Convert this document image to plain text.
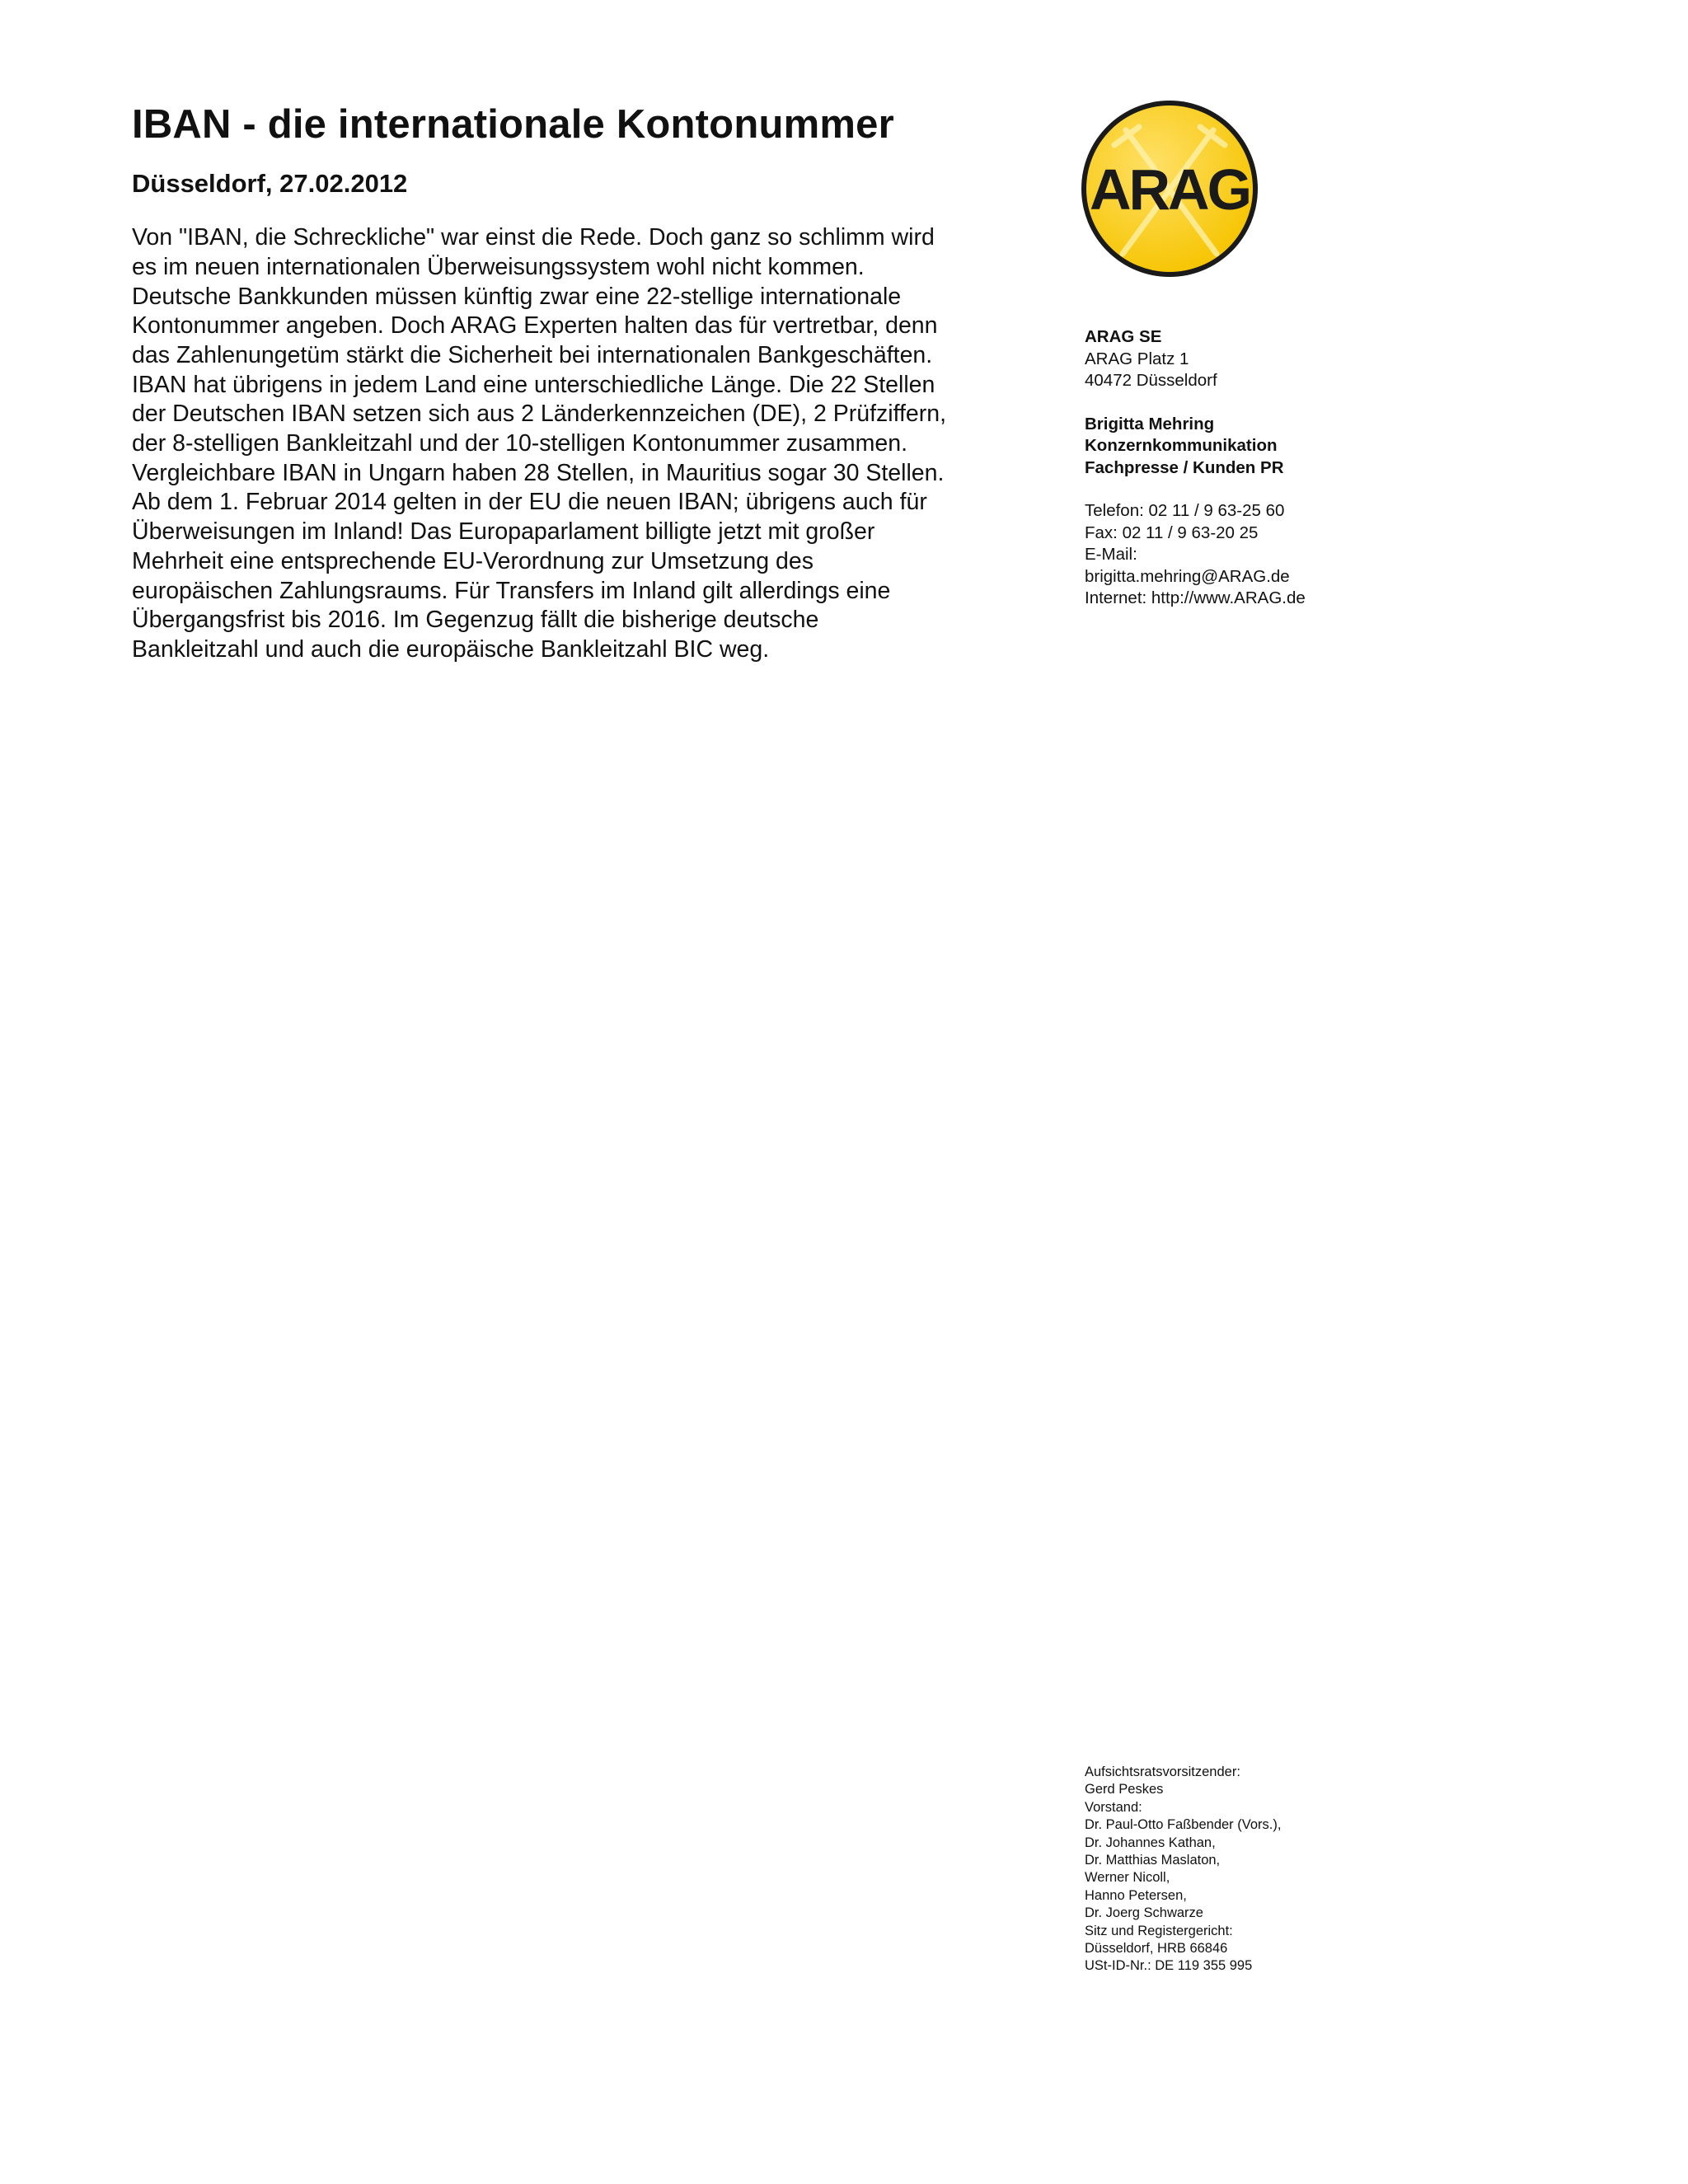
IBAN - die internationale Kontonummer
Düsseldorf, 27.02.2012
Von "IBAN, die Schreckliche" war einst die Rede. Doch ganz so schlimm wird
es im neuen internationalen Überweisungssystem wohl nicht kommen.
Deutsche Bankkunden müssen künftig zwar eine 22-stellige internationale
Kontonummer angeben. Doch ARAG Experten halten das für vertretbar, denn
das Zahlenungetüm stärkt die Sicherheit bei internationalen Bankgeschäften.
IBAN hat übrigens in jedem Land eine unterschiedliche Länge. Die 22 Stellen
der Deutschen IBAN setzen sich aus 2 Länderkennzeichen (DE), 2 Prüfziffern,
der 8-stelligen Bankleitzahl und der 10-stelligen Kontonummer zusammen.
Vergleichbare IBAN in Ungarn haben 28 Stellen, in Mauritius sogar 30 Stellen.
Ab dem 1. Februar 2014 gelten in der EU die neuen IBAN; übrigens auch für
Überweisungen im Inland! Das Europaparlament billigte jetzt mit großer
Mehrheit eine entsprechende EU-Verordnung zur Umsetzung des
europäischen Zahlungsraums. Für Transfers im Inland gilt allerdings eine
Übergangsfrist bis 2016. Im Gegenzug fällt die bisherige deutsche
Bankleitzahl und auch die europäische Bankleitzahl BIC weg.
ARAG
ARAG SE
ARAG Platz 1
40472 Düsseldorf
Brigitta Mehring
Konzernkommunikation
Fachpresse / Kunden PR
Telefon: 02 11 / 9 63-25 60
Fax: 02 11 / 9 63-20 25
E-Mail:
brigitta.mehring@ARAG.de
Internet: http://www.ARAG.de
Aufsichtsratsvorsitzender:
Gerd Peskes
Vorstand:
Dr. Paul-Otto Faßbender (Vors.),
Dr. Johannes Kathan,
Dr. Matthias Maslaton,
Werner Nicoll,
Hanno Petersen,
Dr. Joerg Schwarze
Sitz und Registergericht:
Düsseldorf, HRB 66846
USt-ID-Nr.: DE 119 355 995
